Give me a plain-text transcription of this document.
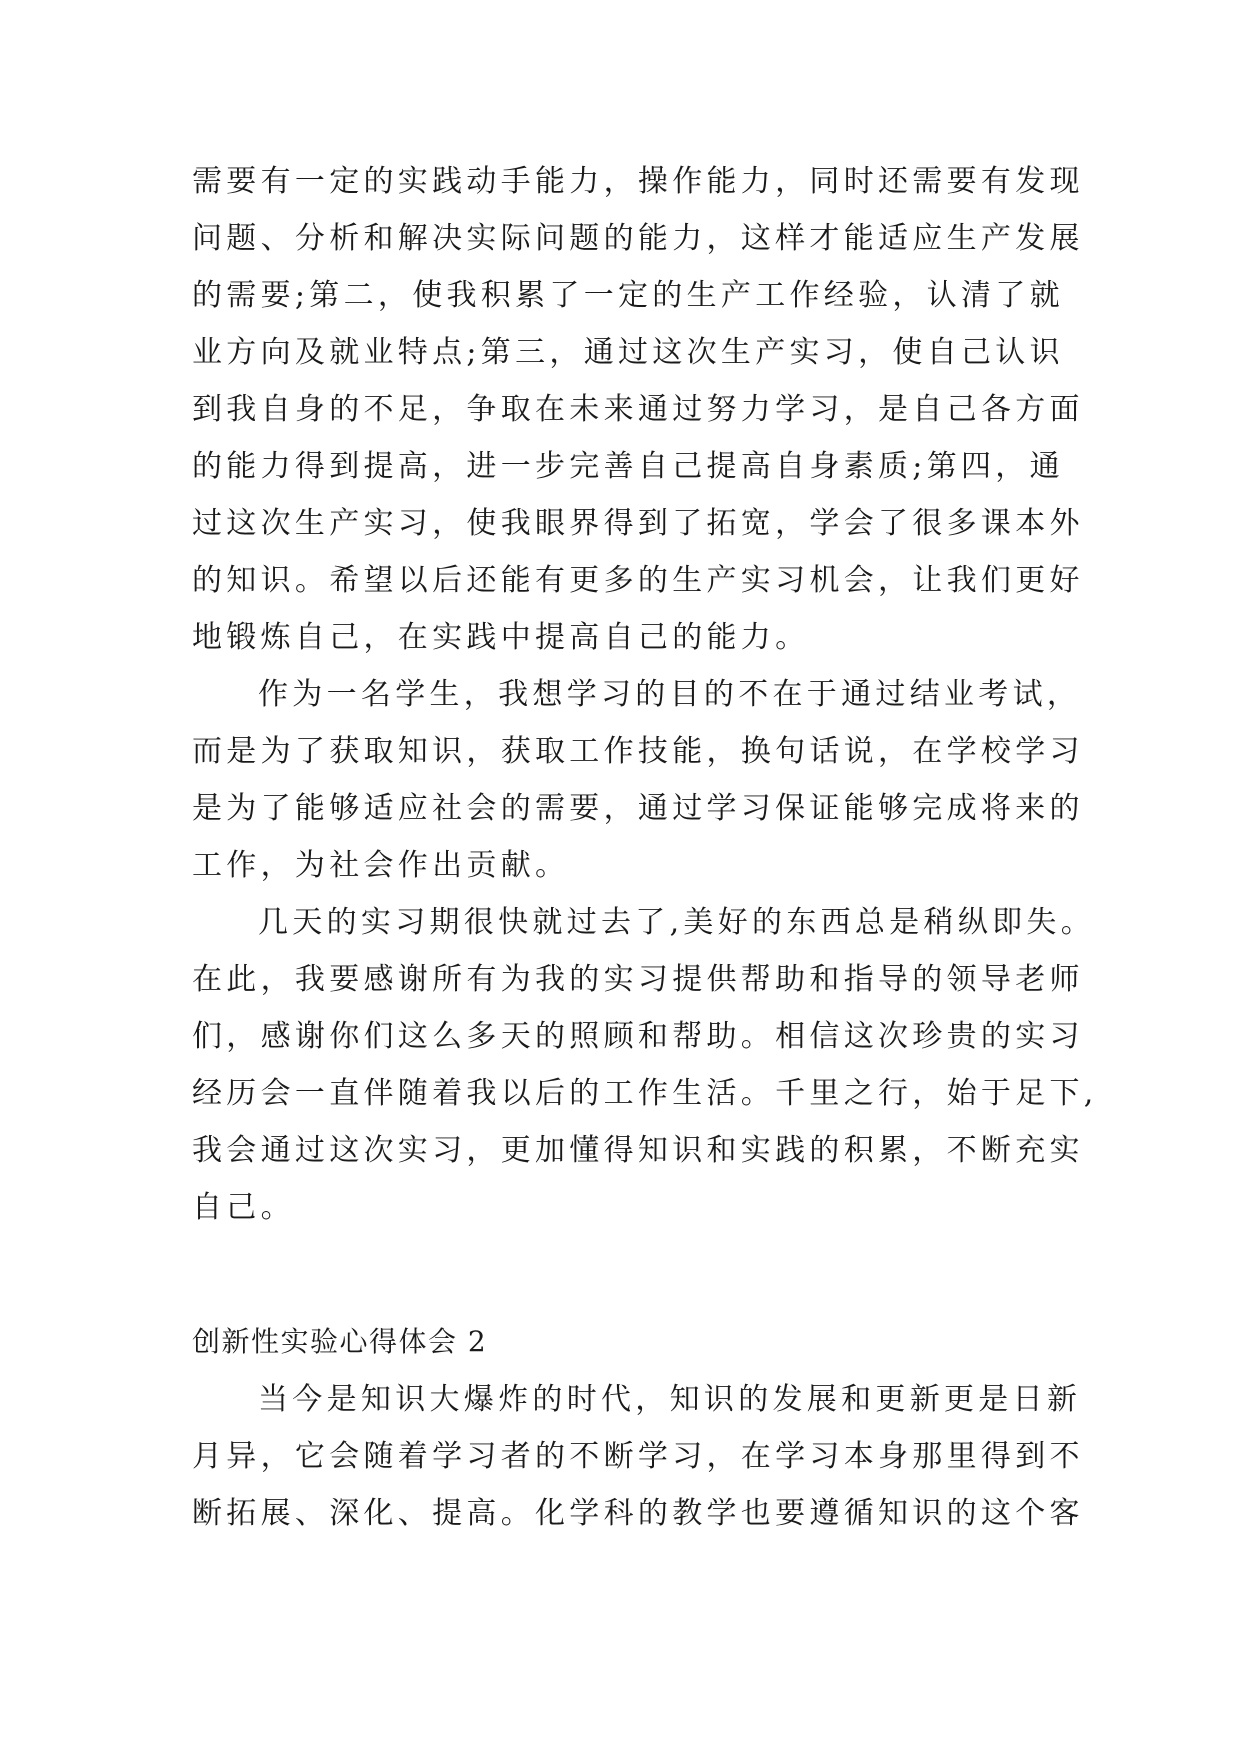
需要有一定的实践动手能力，操作能力，同时还需要有发现
问题、分析和解决实际问题的能力，这样才能适应生产发展
的需要;第二，使我积累了一定的生产工作经验，认清了就
业方向及就业特点;第三，通过这次生产实习，使自己认识
到我自身的不足，争取在未来通过努力学习，是自己各方面
的能力得到提高，进一步完善自己提高自身素质;第四，通
过这次生产实习，使我眼界得到了拓宽，学会了很多课本外
的知识。希望以后还能有更多的生产实习机会，让我们更好
地锻炼自己，在实践中提高自己的能力。
作为一名学生，我想学习的目的不在于通过结业考试，
而是为了获取知识，获取工作技能，换句话说，在学校学习
是为了能够适应社会的需要，通过学习保证能够完成将来的
工作，为社会作出贡献。
几天的实习期很快就过去了,美好的东西总是稍纵即失。
在此，我要感谢所有为我的实习提供帮助和指导的领导老师
们，感谢你们这么多天的照顾和帮助。相信这次珍贵的实习
经历会一直伴随着我以后的工作生活。千里之行，始于足下,
我会通过这次实习，更加懂得知识和实践的积累，不断充实
自己。
创新性实验心得体会 2
当今是知识大爆炸的时代，知识的发展和更新更是日新
月异，它会随着学习者的不断学习，在学习本身那里得到不
断拓展、深化、提高。化学科的教学也要遵循知识的这个客
